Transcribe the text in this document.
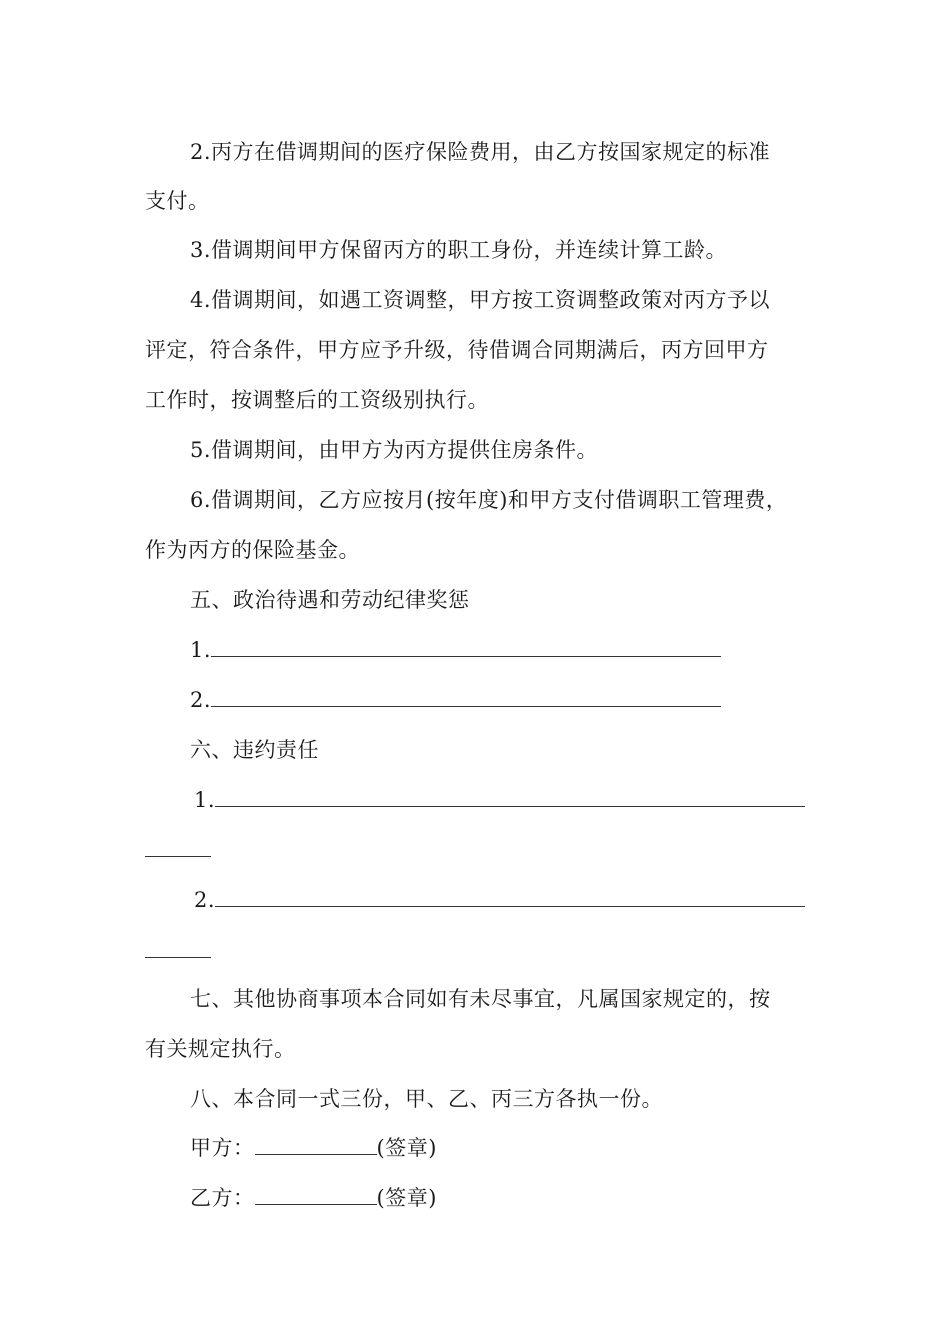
2.丙方在借调期间的医疗保险费用，由乙方按国家规定的标准
支付。
3.借调期间甲方保留丙方的职工身份，并连续计算工龄。
4.借调期间，如遇工资调整，甲方按工资调整政策对丙方予以
评定，符合条件，甲方应予升级，待借调合同期满后，丙方回甲方
工作时，按调整后的工资级别执行。
5.借调期间，由甲方为丙方提供住房条件。
6.借调期间，乙方应按月(按年度)和甲方支付借调职工管理费，
作为丙方的保险基金。
五、政治待遇和劳动纪律奖惩
1.
2.
六、违约责任
1.
2.
七、其他协商事项本合同如有未尽事宜，凡属国家规定的，按
有关规定执行。
八、本合同一式三份，甲、乙、丙三方各执一份。
甲方：	(签章)
乙方：	(签章)
